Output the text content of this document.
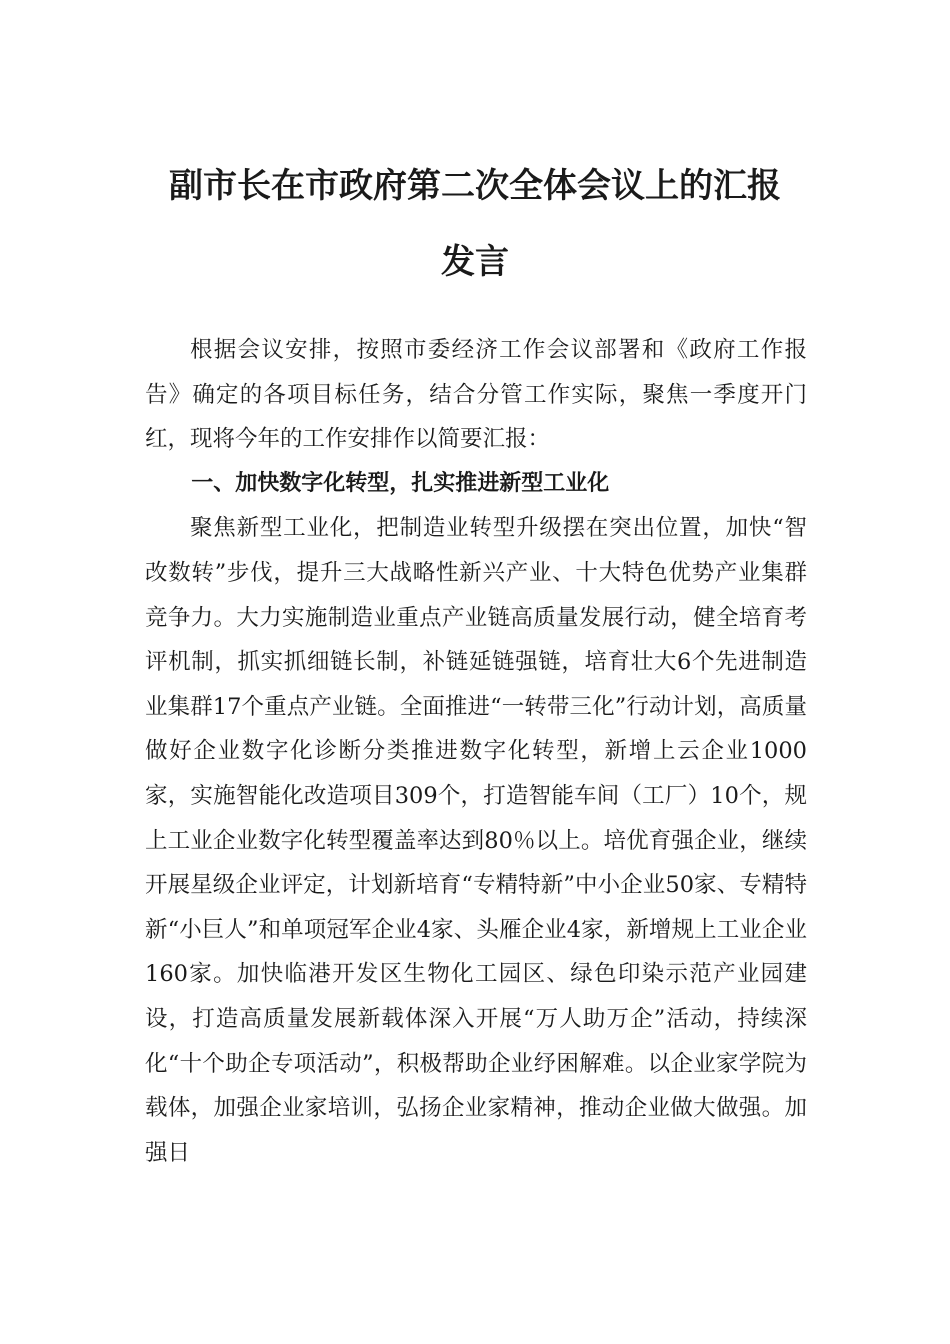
副市长在市政府第二次全体会议上的汇报
发言

根据会议安排，按照市委经济工作会议部署和《政府工作报告》确定的各项目标任务，结合分管工作实际，聚焦一季度开门红，现将今年的工作安排作以简要汇报：

一、加快数字化转型，扎实推进新型工业化

聚焦新型工业化，把制造业转型升级摆在突出位置，加快“智改数转”步伐，提升三大战略性新兴产业、十大特色优势产业集群竞争力。大力实施制造业重点产业链高质量发展行动，健全培育考评机制，抓实抓细链长制，补链延链强链，培育壮大6个先进制造业集群17个重点产业链。全面推进“一转带三化”行动计划，高质量做好企业数字化诊断分类推进数字化转型，新增上云企业1000家，实施智能化改造项目309个，打造智能车间（工厂）10个，规上工业企业数字化转型覆盖率达到80％以上。培优育强企业，继续开展星级企业评定，计划新培育“专精特新”中小企业50家、专精特新“小巨人”和单项冠军企业4家、头雁企业4家，新增规上工业企业160家。加快临港开发区生物化工园区、绿色印染示范产业园建设，打造高质量发展新载体深入开展“万人助万企”活动，持续深化“十个助企专项活动”，积极帮助企业纾困解难。以企业家学院为载体，加强企业家培训，弘扬企业家精神，推动企业做大做强。加强日
